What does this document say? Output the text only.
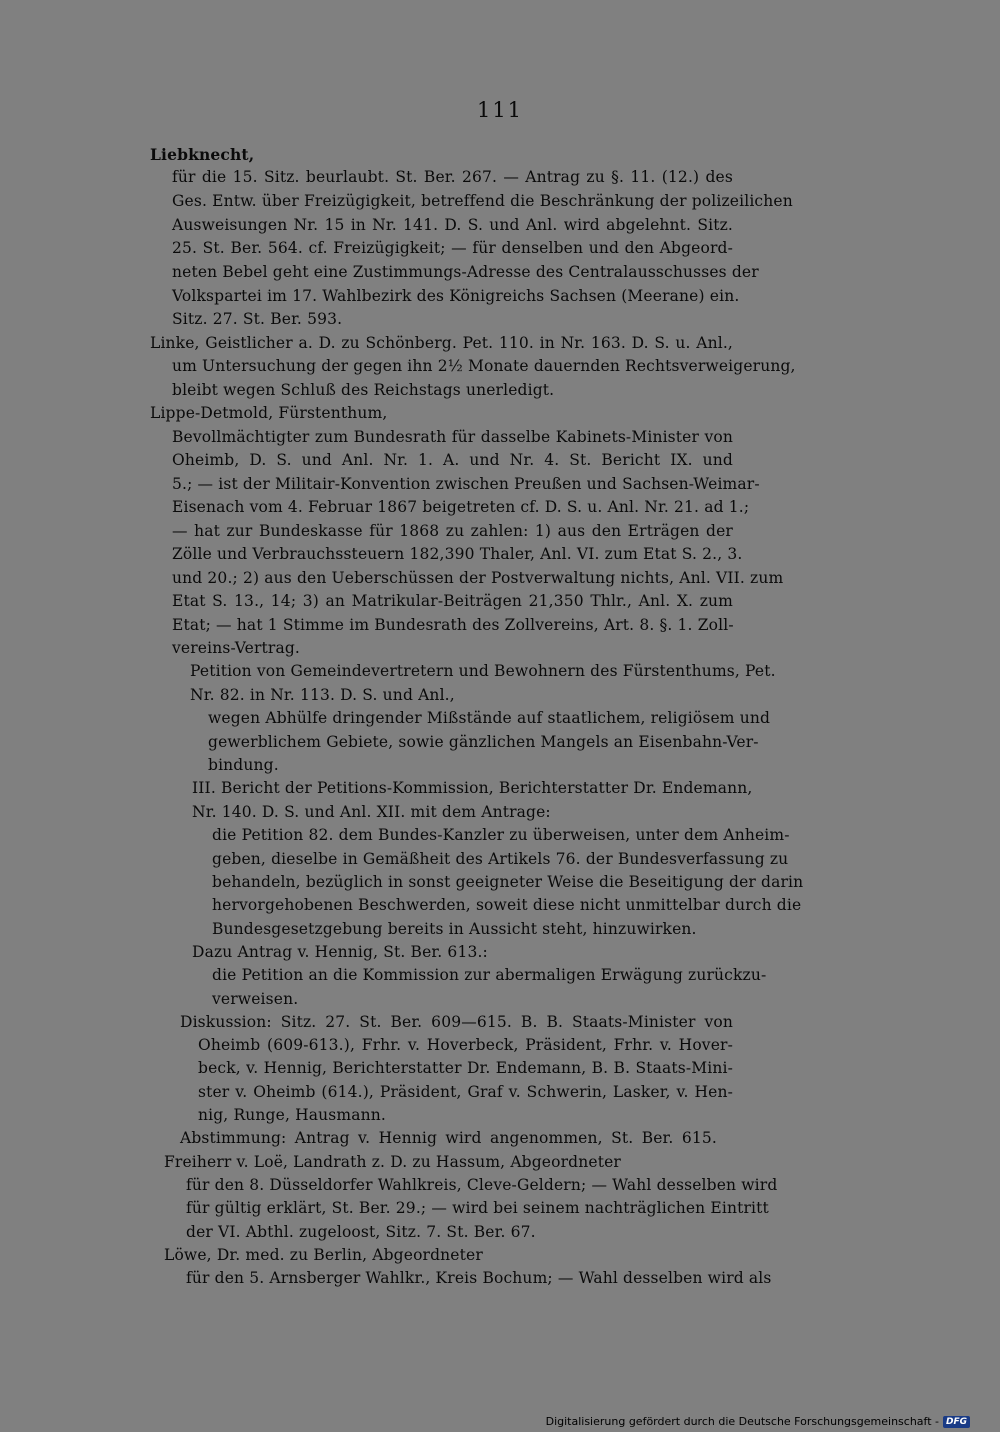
111
Liebknecht,
für die 15. Sitz. beurlaubt. St. Ber. 267. — Antrag zu §. 11. (12.) des
Ges. Entw. über Freizügigkeit, betreffend die Beschränkung der polizeilichen
Ausweisungen Nr. 15 in Nr. 141. D. S. und Anl. wird abgelehnt. Sitz.
25. St. Ber. 564. cf. Freizügigkeit; — für denselben und den Abgeord-
neten Bebel geht eine Zustimmungs-Adresse des Centralausschusses der
Volkspartei im 17. Wahlbezirk des Königreichs Sachsen (Meerane) ein.
Sitz. 27. St. Ber. 593.
Linke, Geistlicher a. D. zu Schönberg. Pet. 110. in Nr. 163. D. S. u. Anl.,
um Untersuchung der gegen ihn 2½ Monate dauernden Rechtsverweigerung,
bleibt wegen Schluß des Reichstags unerledigt.
Lippe-Detmold, Fürstenthum,
Bevollmächtigter zum Bundesrath für dasselbe Kabinets-Minister von
Oheimb, D. S. und Anl. Nr. 1. A. und Nr. 4. St. Bericht IX. und
5.; — ist der Militair-Konvention zwischen Preußen und Sachsen-Weimar-
Eisenach vom 4. Februar 1867 beigetreten cf. D. S. u. Anl. Nr. 21. ad 1.;
— hat zur Bundeskasse für 1868 zu zahlen: 1) aus den Erträgen der
Zölle und Verbrauchssteuern 182,390 Thaler, Anl. VI. zum Etat S. 2., 3.
und 20.; 2) aus den Ueberschüssen der Postverwaltung nichts, Anl. VII. zum
Etat S. 13., 14; 3) an Matrikular-Beiträgen 21,350 Thlr., Anl. X. zum
Etat; — hat 1 Stimme im Bundesrath des Zollvereins, Art. 8. §. 1. Zoll-
vereins-Vertrag.
Petition von Gemeindevertretern und Bewohnern des Fürstenthums, Pet.
Nr. 82. in Nr. 113. D. S. und Anl.,
wegen Abhülfe dringender Mißstände auf staatlichem, religiösem und
gewerblichem Gebiete, sowie gänzlichen Mangels an Eisenbahn-Ver-
bindung.
III. Bericht der Petitions-Kommission, Berichterstatter Dr. Endemann,
Nr. 140. D. S. und Anl. XII. mit dem Antrage:
die Petition 82. dem Bundes-Kanzler zu überweisen, unter dem Anheim-
geben, dieselbe in Gemäßheit des Artikels 76. der Bundesverfassung zu
behandeln, bezüglich in sonst geeigneter Weise die Beseitigung der darin
hervorgehobenen Beschwerden, soweit diese nicht unmittelbar durch die
Bundesgesetzgebung bereits in Aussicht steht, hinzuwirken.
Dazu Antrag v. Hennig, St. Ber. 613.:
die Petition an die Kommission zur abermaligen Erwägung zurückzu-
verweisen.
Diskussion: Sitz. 27. St. Ber. 609—615. B. B. Staats-Minister von
Oheimb (609-613.), Frhr. v. Hoverbeck, Präsident, Frhr. v. Hover-
beck, v. Hennig, Berichterstatter Dr. Endemann, B. B. Staats-Mini-
ster v. Oheimb (614.), Präsident, Graf v. Schwerin, Lasker, v. Hen-
nig, Runge, Hausmann.
Abstimmung: Antrag v. Hennig wird angenommen, St. Ber. 615.
Freiherr v. Loë, Landrath z. D. zu Hassum, Abgeordneter
für den 8. Düsseldorfer Wahlkreis, Cleve-Geldern; — Wahl desselben wird
für gültig erklärt, St. Ber. 29.; — wird bei seinem nachträglichen Eintritt
der VI. Abthl. zugeloost, Sitz. 7. St. Ber. 67.
Löwe, Dr. med. zu Berlin, Abgeordneter
für den 5. Arnsberger Wahlkr., Kreis Bochum; — Wahl desselben wird als
Digitalisierung gefördert durch die Deutsche Forschungsgemeinschaft - DFG
